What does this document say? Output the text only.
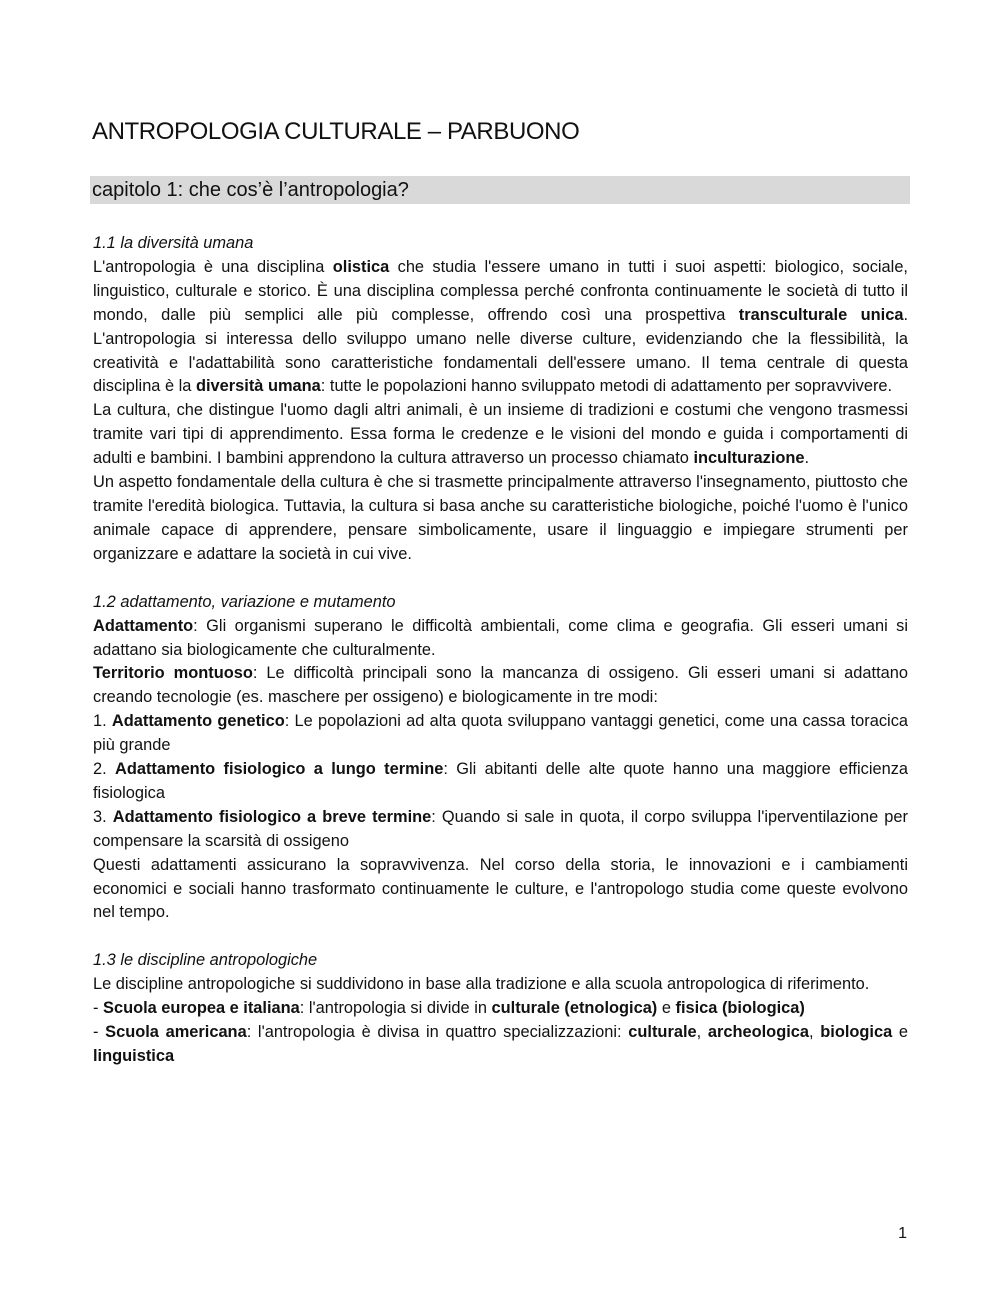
ANTROPOLOGIA CULTURALE – PARBUONO
capitolo 1: che cos’è l’antropologia?
1.1 la diversità umana

L'antropologia è una disciplina olistica che studia l'essere umano in tutti i suoi aspetti: biologico, sociale, linguistico, culturale e storico. È una disciplina complessa perché confronta continuamente le società di tutto il mondo, dalle più semplici alle più complesse, offrendo così una prospettiva transculturale unica. L'antropologia si interessa dello sviluppo umano nelle diverse culture, evidenziando che la flessibilità, la creatività e l'adattabilità sono caratteristiche fondamentali dell'essere umano. Il tema centrale di questa disciplina è la diversità umana: tutte le popolazioni hanno sviluppato metodi di adattamento per sopravvivere.

La cultura, che distingue l'uomo dagli altri animali, è un insieme di tradizioni e costumi che vengono trasmessi tramite vari tipi di apprendimento. Essa forma le credenze e le visioni del mondo e guida i comportamenti di adulti e bambini. I bambini apprendono la cultura attraverso un processo chiamato inculturazione.

Un aspetto fondamentale della cultura è che si trasmette principalmente attraverso l'insegnamento, piuttosto che tramite l'eredità biologica. Tuttavia, la cultura si basa anche su caratteristiche biologiche, poiché l'uomo è l'unico animale capace di apprendere, pensare simbolicamente, usare il linguaggio e impiegare strumenti per organizzare e adattare la società in cui vive.

1.2 adattamento, variazione e mutamento

Adattamento: Gli organismi superano le difficoltà ambientali, come clima e geografia. Gli esseri umani si adattano sia biologicamente che culturalmente.

Territorio montuoso: Le difficoltà principali sono la mancanza di ossigeno. Gli esseri umani si adattano creando tecnologie (es. maschere per ossigeno) e biologicamente in tre modi:

1. Adattamento genetico: Le popolazioni ad alta quota sviluppano vantaggi genetici, come una cassa toracica più grande

2. Adattamento fisiologico a lungo termine: Gli abitanti delle alte quote hanno una maggiore efficienza fisiologica

3. Adattamento fisiologico a breve termine: Quando si sale in quota, il corpo sviluppa l'iperventilazione per compensare la scarsità di ossigeno

Questi adattamenti assicurano la sopravvivenza. Nel corso della storia, le innovazioni e i cambiamenti economici e sociali hanno trasformato continuamente le culture, e l'antropologo studia come queste evolvono nel tempo.

1.3 le discipline antropologiche

Le discipline antropologiche si suddividono in base alla tradizione e alla scuola antropologica di riferimento.

- Scuola europea e italiana: l'antropologia si divide in culturale (etnologica) e fisica (biologica)

- Scuola americana: l'antropologia è divisa in quattro specializzazioni: culturale, archeologica, biologica e linguistica

1
